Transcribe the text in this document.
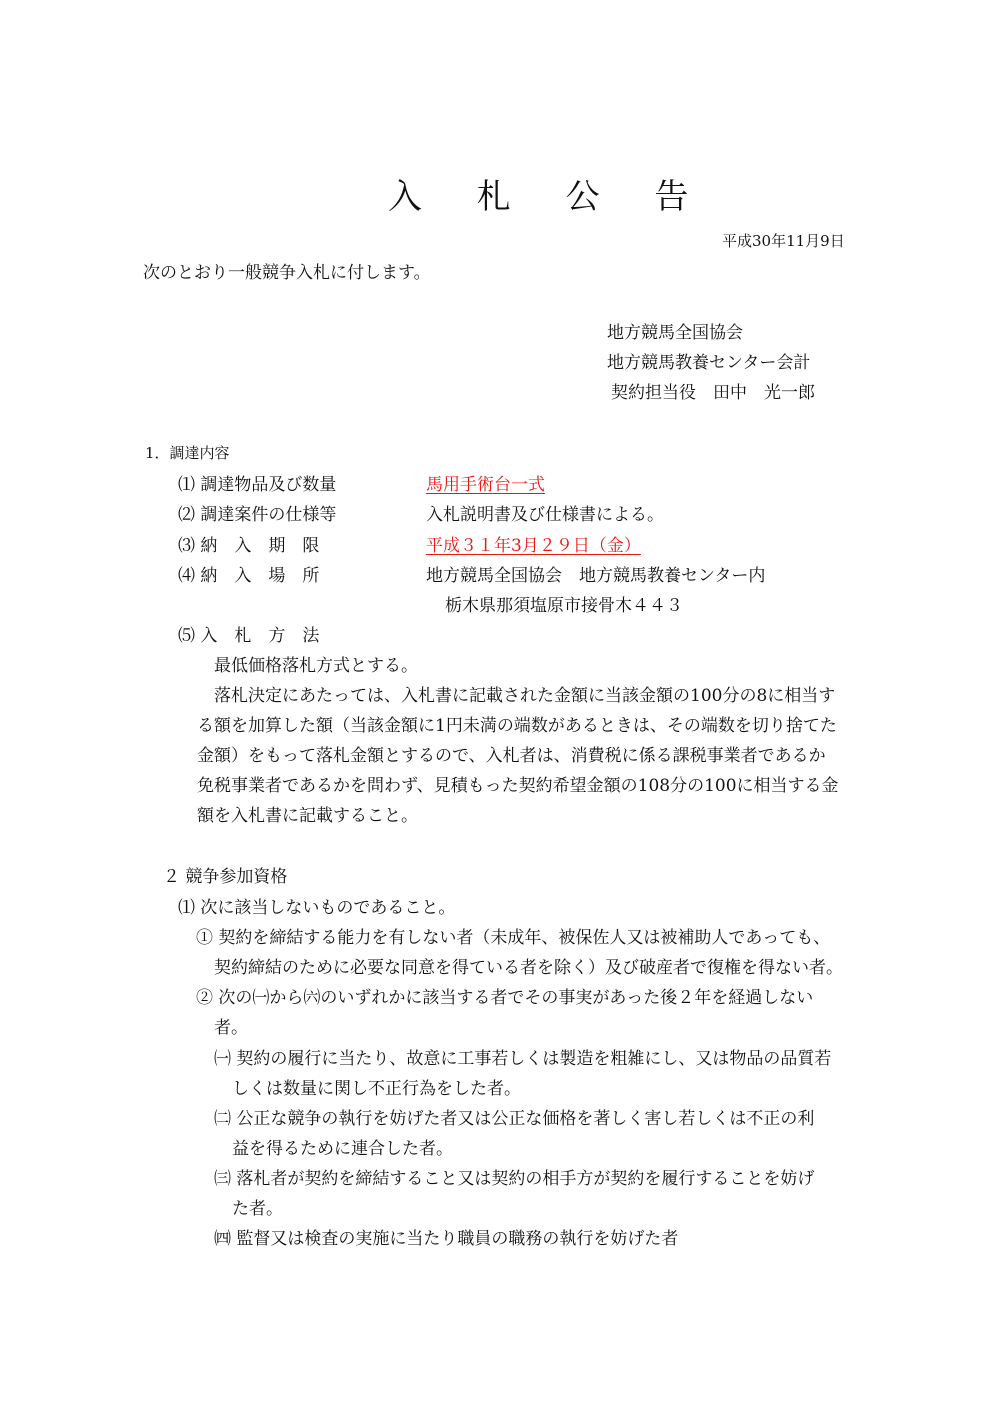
入 札 公 告
平成30年11月9日
次のとおり一般競争入札に付します。
地方競馬全国協会
地方競馬教養センター会計
契約担当役　田中　光一郎
1．調達内容
⑴ 調達物品及び数量	馬用手術台一式
⑵ 調達案件の仕様等	入札説明書及び仕様書による。
⑶ 納　入　期　限	平成３１年3月２９日（金）
⑷ 納　入　場　所	地方競馬全国協会　地方競馬教養センター内
栃木県那須塩原市接骨木４４３
⑸ 入　札　方　法
最低価格落札方式とする。
落札決定にあたっては、入札書に記載された金額に当該金額の100分の8に相当す
る額を加算した額（当該金額に1円未満の端数があるときは、その端数を切り捨てた
金額）をもって落札金額とするので、入札者は、消費税に係る課税事業者であるか
免税事業者であるかを問わず、見積もった契約希望金額の108分の100に相当する金
額を入札書に記載すること。
２ 競争参加資格
⑴ 次に該当しないものであること。
① 契約を締結する能力を有しない者（未成年、被保佐人又は被補助人であっても、
契約締結のために必要な同意を得ている者を除く）及び破産者で復権を得ない者。
② 次の㈠から㈥のいずれかに該当する者でその事実があった後２年を経過しない
者。
㈠ 契約の履行に当たり、故意に工事若しくは製造を粗雑にし、又は物品の品質若
しくは数量に関し不正行為をした者。
㈡ 公正な競争の執行を妨げた者又は公正な価格を著しく害し若しくは不正の利
益を得るために連合した者。
㈢ 落札者が契約を締結すること又は契約の相手方が契約を履行することを妨げ
た者。
㈣ 監督又は検査の実施に当たり職員の職務の執行を妨げた者
